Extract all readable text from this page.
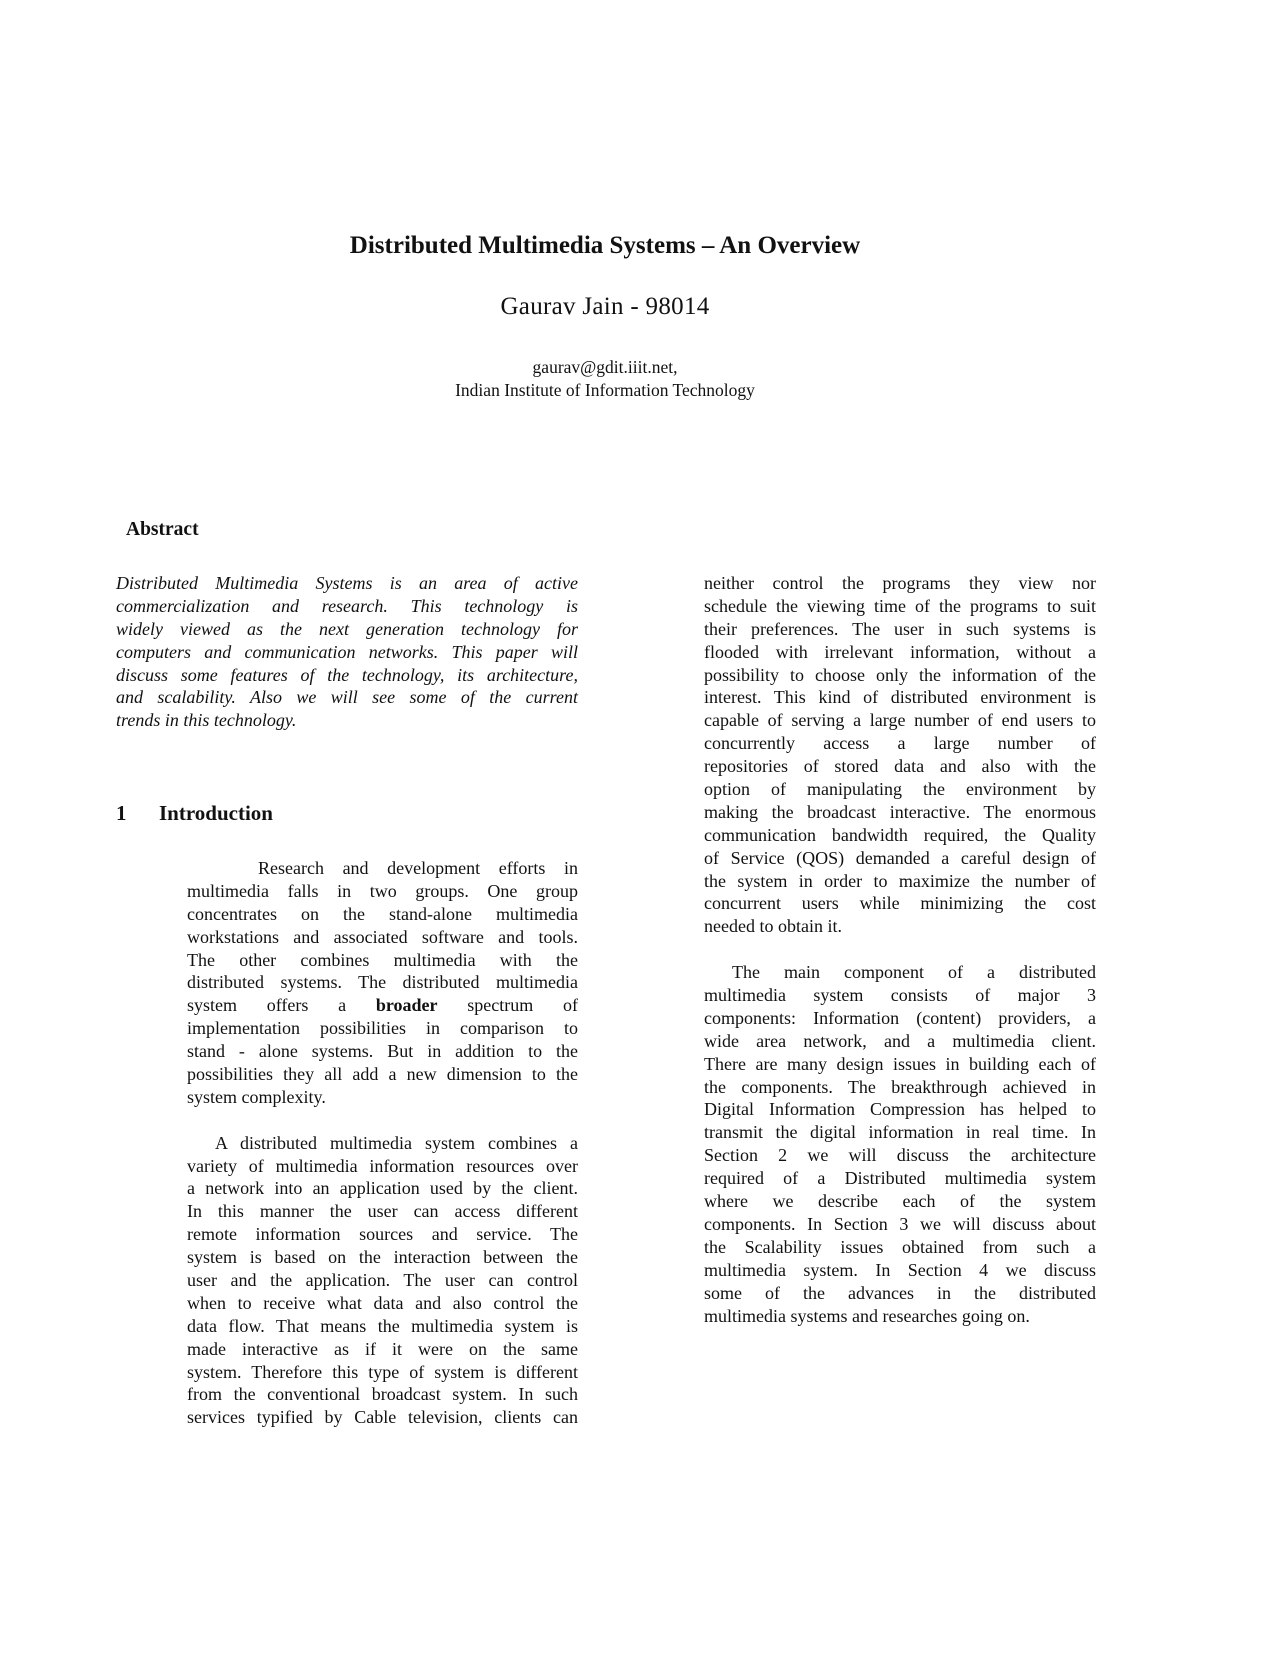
Distributed Multimedia Systems – An Overview
Gaurav Jain - 98014
gaurav@gdit.iiit.net,
Indian Institute of Information Technology
Abstract
Distributed Multimedia Systems is an area of active
commercialization and research. This technology is
widely viewed as the next generation technology for
computers and communication networks. This paper will
discuss some features of the technology, its architecture,
and scalability. Also we will see some of the current
trends in this technology.
1 Introduction
Research and development efforts in
multimedia falls in two groups. One group
concentrates on the stand-alone multimedia
workstations and associated software and tools.
The other combines multimedia with the
distributed systems. The distributed multimedia
system offers a broader spectrum of
implementation possibilities in comparison to
stand - alone systems. But in addition to the
possibilities they all add a new dimension to the
system complexity.
A distributed multimedia system combines a
variety of multimedia information resources over
a network into an application used by the client.
In this manner the user can access different
remote information sources and service. The
system is based on the interaction between the
user and the application. The user can control
when to receive what data and also control the
data flow. That means the multimedia system is
made interactive as if it were on the same
system. Therefore this type of system is different
from the conventional broadcast system. In such
services typified by Cable television, clients can
neither control the programs they view nor
schedule the viewing time of the programs to suit
their preferences. The user in such systems is
flooded with irrelevant information, without a
possibility to choose only the information of the
interest. This kind of distributed environment is
capable of serving a large number of end users to
concurrently access a large number of
repositories of stored data and also with the
option of manipulating the environment by
making the broadcast interactive. The enormous
communication bandwidth required, the Quality
of Service (QOS) demanded a careful design of
the system in order to maximize the number of
concurrent users while minimizing the cost
needed to obtain it.
The main component of a distributed
multimedia system consists of major 3
components: Information (content) providers, a
wide area network, and a multimedia client.
There are many design issues in building each of
the components. The breakthrough achieved in
Digital Information Compression has helped to
transmit the digital information in real time. In
Section 2 we will discuss the architecture
required of a Distributed multimedia system
where we describe each of the system
components. In Section 3 we will discuss about
the Scalability issues obtained from such a
multimedia system. In Section 4 we discuss
some of the advances in the distributed
multimedia systems and researches going on.
